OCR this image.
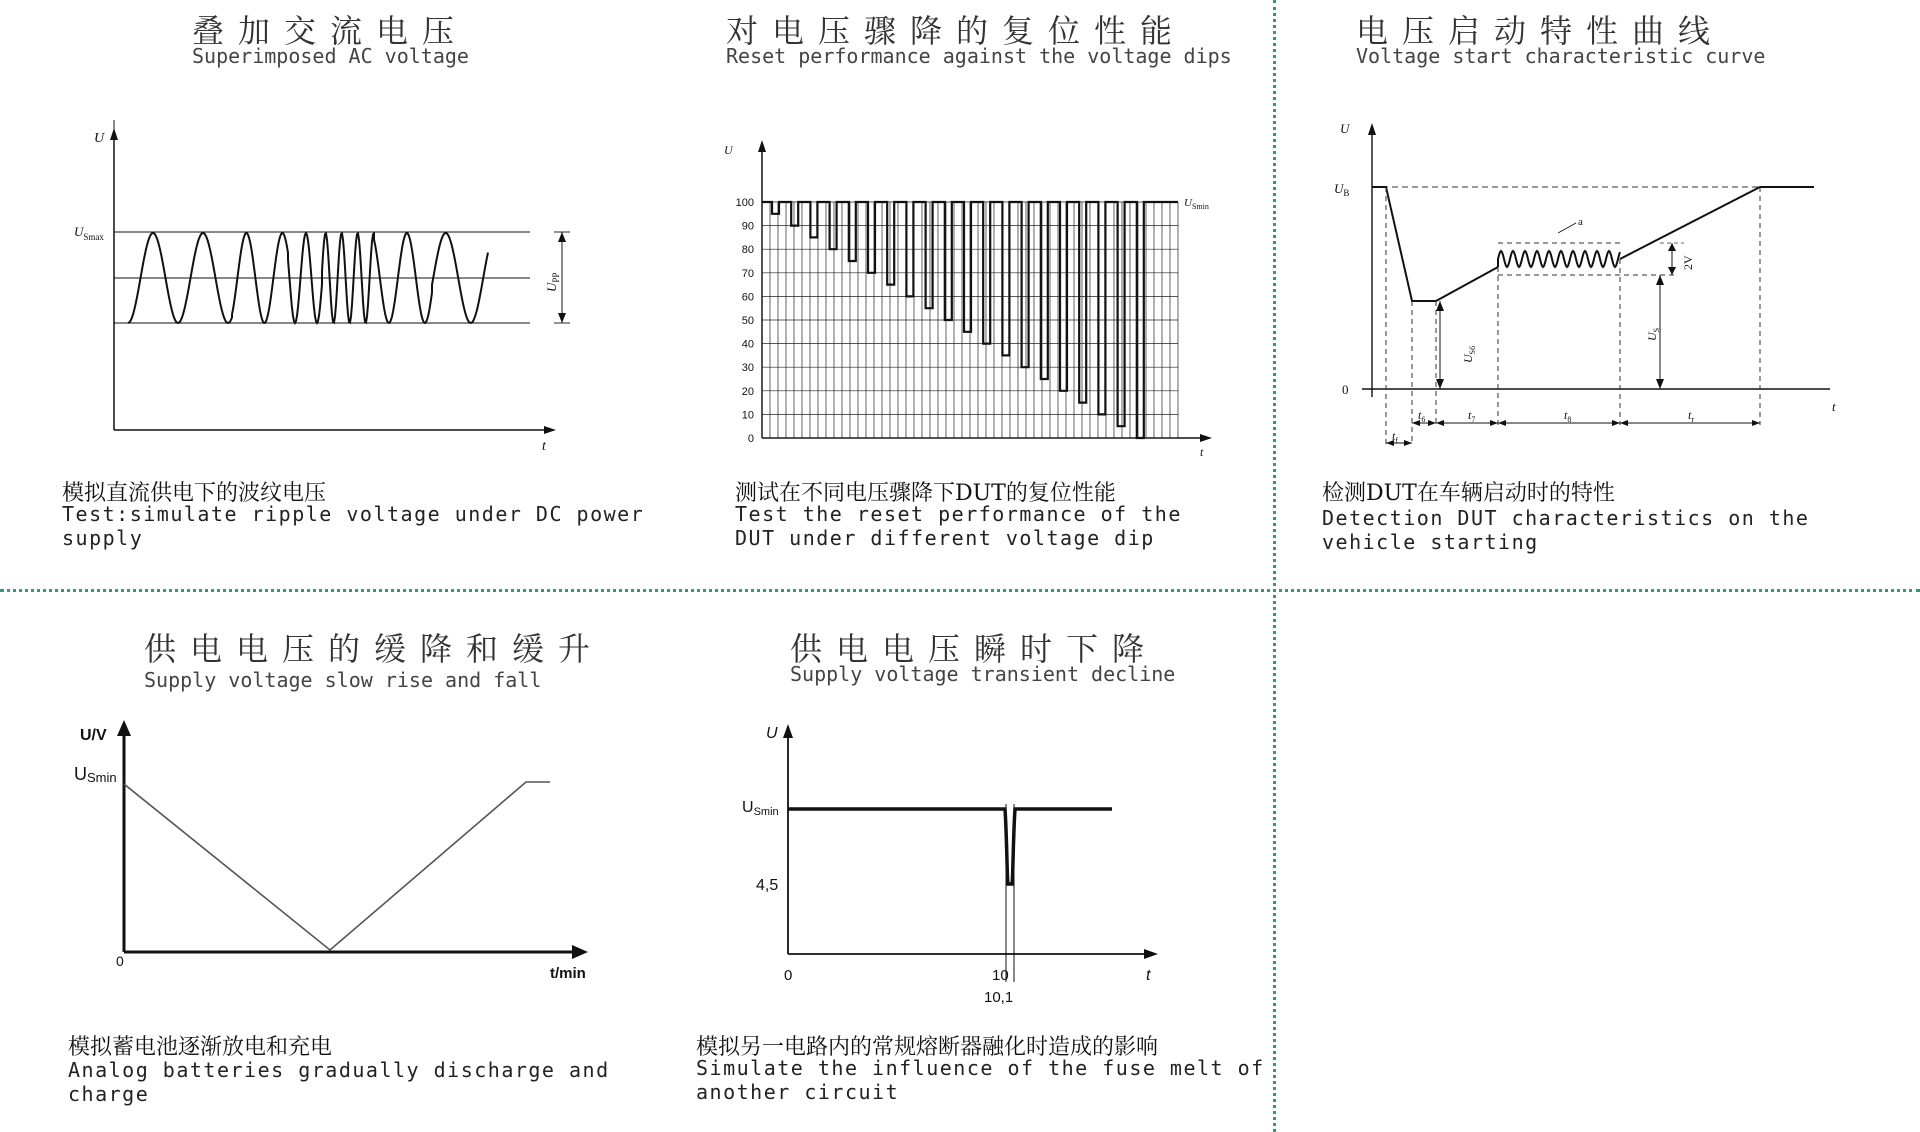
叠加交流电压
Superimposed AC voltage
U
t
$U_{Smax}$
$U_{PP}$
模拟直流供电下的波纹电压
Test:simulate ripple voltage under DC power supply
对电压骤降的复位性能
Reset performance against the voltage dips
U
t
100
90
80
70
60
50
40
30
20
10
0
$U_{Smin}$
测试在不同电压骤降下DUT的复位性能
Test the reset performance of the DUT under different voltage dip
电压启动特性曲线
Voltage start characteristic curve
U
t
0
$U_B$
$U_{S6}$
$U_S$
2V
a
$t_6$	$t_7$	$t_8$	$t_r$
$t_f$
检测DUT在车辆启动时的特性
Detection DUT characteristics on the vehicle starting
供电电压的缓降和缓升
Supply voltage slow rise and fall
U/V
t/min
0
USmin
模拟蓄电池逐渐放电和充电
Analog batteries gradually discharge and charge
供电电压瞬时下降
Supply voltage transient decline
U
t
USmin
4,5
0	10
10,1
模拟另一电路内的常规熔断器融化时造成的影响
Simulate the influence of the fuse melt of another circuit
